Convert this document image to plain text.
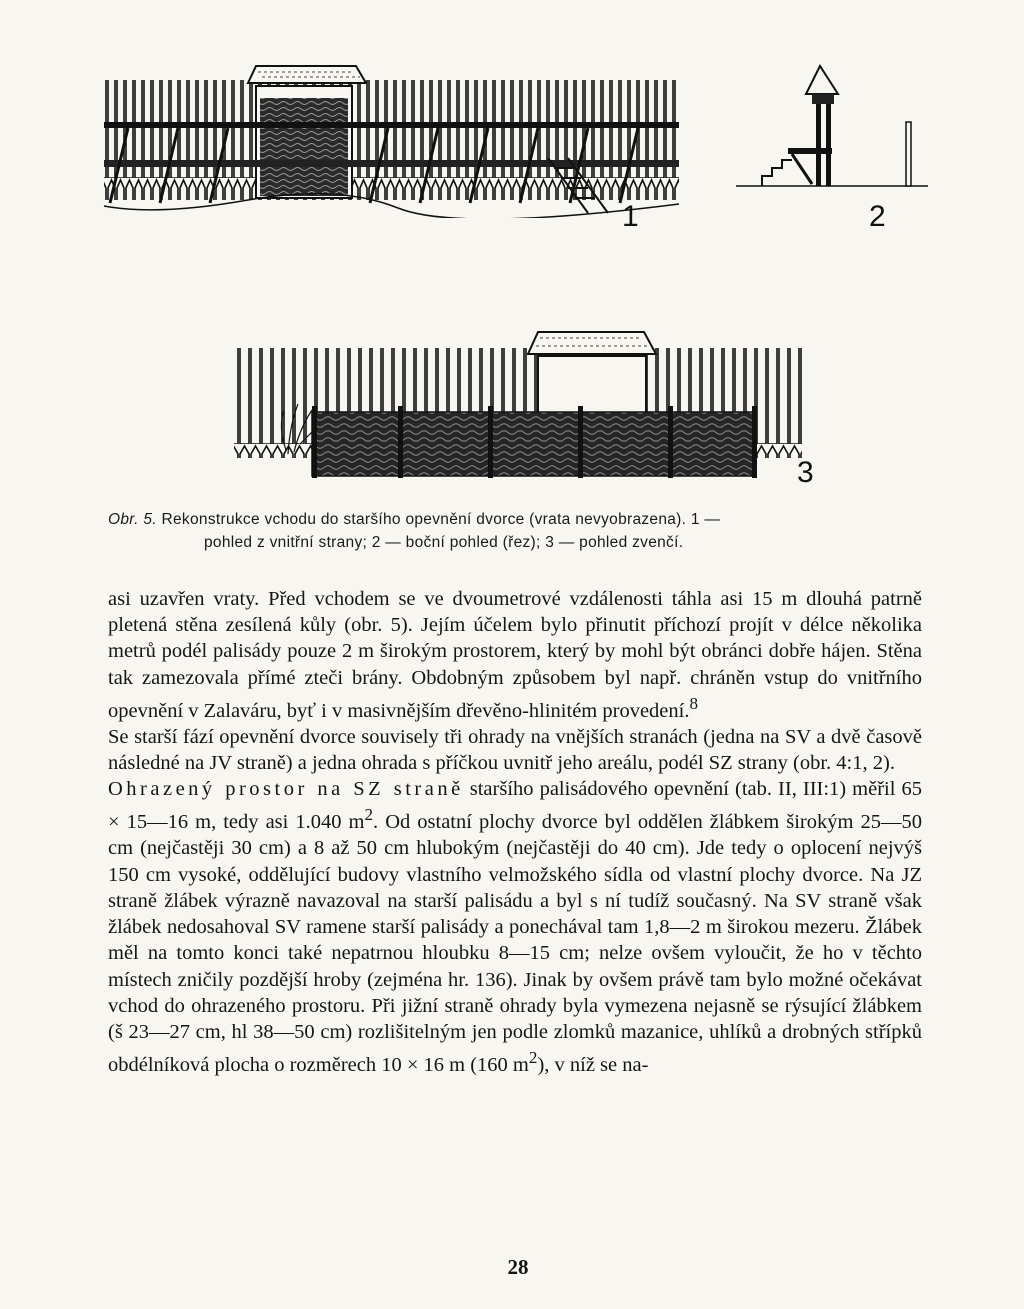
1	2
3
Obr. 5. Rekonstrukce vchodu do staršího opevnění dvorce (vrata nevyobrazena). 1 —
pohled z vnitřní strany; 2 — boční pohled (řez); 3 — pohled zvenčí.

asi uzavřen vraty. Před vchodem se ve dvoumetrové vzdálenosti táhla asi 15 m dlouhá patrně pletená stěna zesílená kůly (obr. 5). Jejím účelem bylo přinutit příchozí projít v délce několika metrů podél palisády pouze 2 m širokým prostorem, který by mohl být obránci dobře hájen. Stěna tak zamezovala přímé zteči brány. Obdobným způsobem byl např. chráněn vstup do vnitřního opevnění v Zalaváru, byť i v masivnějším dřevěno-hlinitém provedení.$^8$

Se starší fází opevnění dvorce souvisely tři ohrady na vnějších stranách (jedna na SV a dvě časově následné na JV straně) a jedna ohrada s příčkou uvnitř jeho areálu, podél SZ strany (obr. 4:1, 2).

Ohrazený prostor na SZ straně staršího palisádového opevnění (tab. II, III:1) měřil 65 × 15—16 m, tedy asi 1.040 $m^2$. Od ostatní plochy dvorce byl oddělen žlábkem širokým 25—50 cm (nejčastěji 30 cm) a 8 až 50 cm hlubokým (nejčastěji do 40 cm). Jde tedy o oplocení nejvýš 150 cm vysoké, oddělující budovy vlastního velmožského sídla od vlastní plochy dvorce. Na JZ straně žlábek výrazně navazoval na starší palisádu a byl s ní tudíž současný. Na SV straně však žlábek nedosahoval SV ramene starší palisády a ponechával tam 1,8—2 m širokou mezeru. Žlábek měl na tomto konci také nepatrnou hloubku 8—15 cm; nelze ovšem vyloučit, že ho v těchto místech zničily pozdější hroby (zejména hr. 136). Jinak by ovšem právě tam bylo možné očekávat vchod do ohrazeného prostoru. Při jižní straně ohrady byla vymezena nejasně se rýsující žlábkem (š 23—27 cm, hl 38—50 cm) rozlišitelným jen podle zlomků mazanice, uhlíků a drobných střípků obdélníková plocha o rozměrech 10 × 16 m (160 $m^2$), v níž se na-

28
